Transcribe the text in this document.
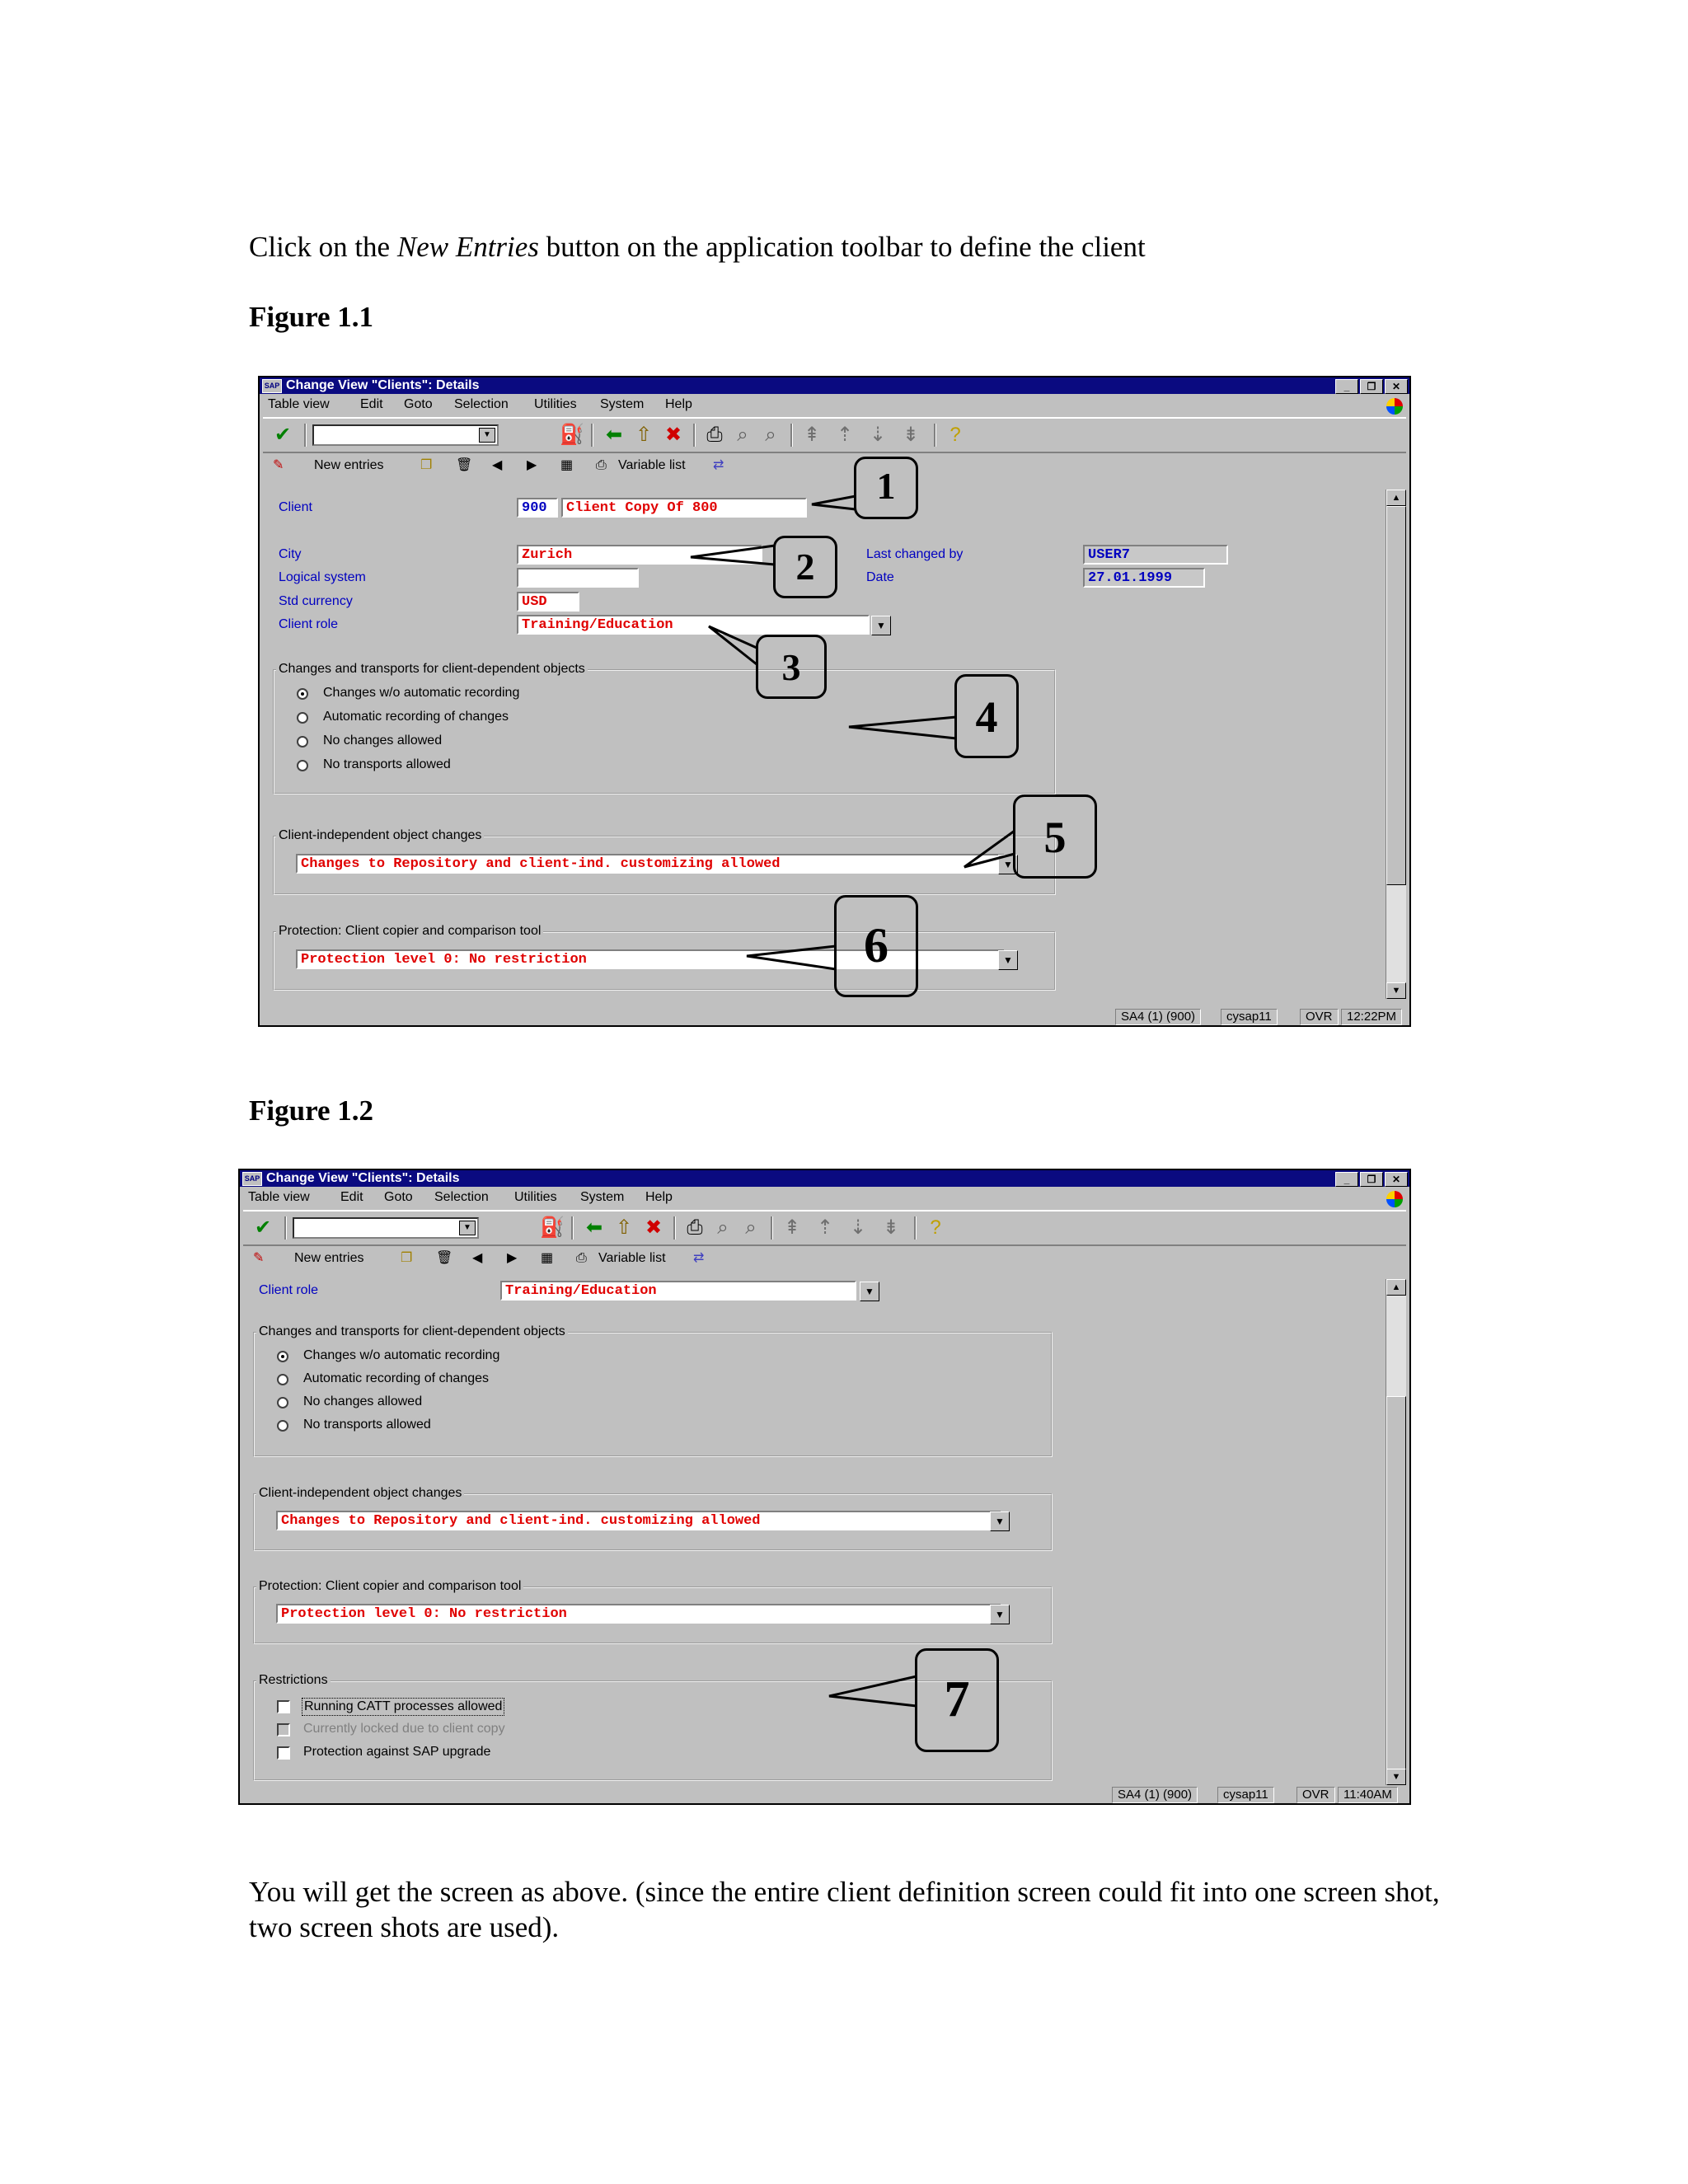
Click on the New Entries button on the application toolbar to define the client
Figure 1.1
SAP Change View "Clients": Details	_	❐	✕
Table view Edit Goto Selection Utilities System Help
✔	▼	⛽ ⬅ ⇧ ✖ ⎙ ⌕ ⌕	⇞ ⇡ ⇣ ⇟	?
✎ New entries	❐ 🗑 ◀ ▶ ▦ ⎙ Variable list ⇄
Client	900	Client Copy Of 800
City	Zurich
Logical system
Std currency	USD
Client role	Training/Education	▼
Last changed by	USER7
Date	27.01.1999
Changes and transports for client-dependent objects
Changes w/o automatic recording
Automatic recording of changes
No changes allowed
No transports allowed
Client-independent object changes
Changes to Repository and client-ind. customizing allowed	▼
Protection: Client copier and comparison tool
Protection level 0: No restriction	▼
▲
▼
SA4 (1) (900)	cysap11	OVR	12:22PM
1
2
3
4
5
6
Figure 1.2
SAP Change View "Clients": Details	_	❐	✕
Table view Edit Goto Selection Utilities System Help
✔	▼	⛽ ⬅ ⇧ ✖ ⎙ ⌕ ⌕	⇞ ⇡ ⇣ ⇟	?
✎ New entries	❐ 🗑 ◀ ▶ ▦ ⎙ Variable list ⇄
Client role	Training/Education	▼
Changes and transports for client-dependent objects
Changes w/o automatic recording
Automatic recording of changes
No changes allowed
No transports allowed
Client-independent object changes
Changes to Repository and client-ind. customizing allowed	▼
Protection: Client copier and comparison tool
Protection level 0: No restriction	▼
Restrictions
Running CATT processes allowed
Currently locked due to client copy
Protection against SAP upgrade
▲
▼
SA4 (1) (900)	cysap11	OVR	11:40AM
7
You will get the screen as above. (since the entire client definition screen could fit into one screen shot, two screen shots are used).
